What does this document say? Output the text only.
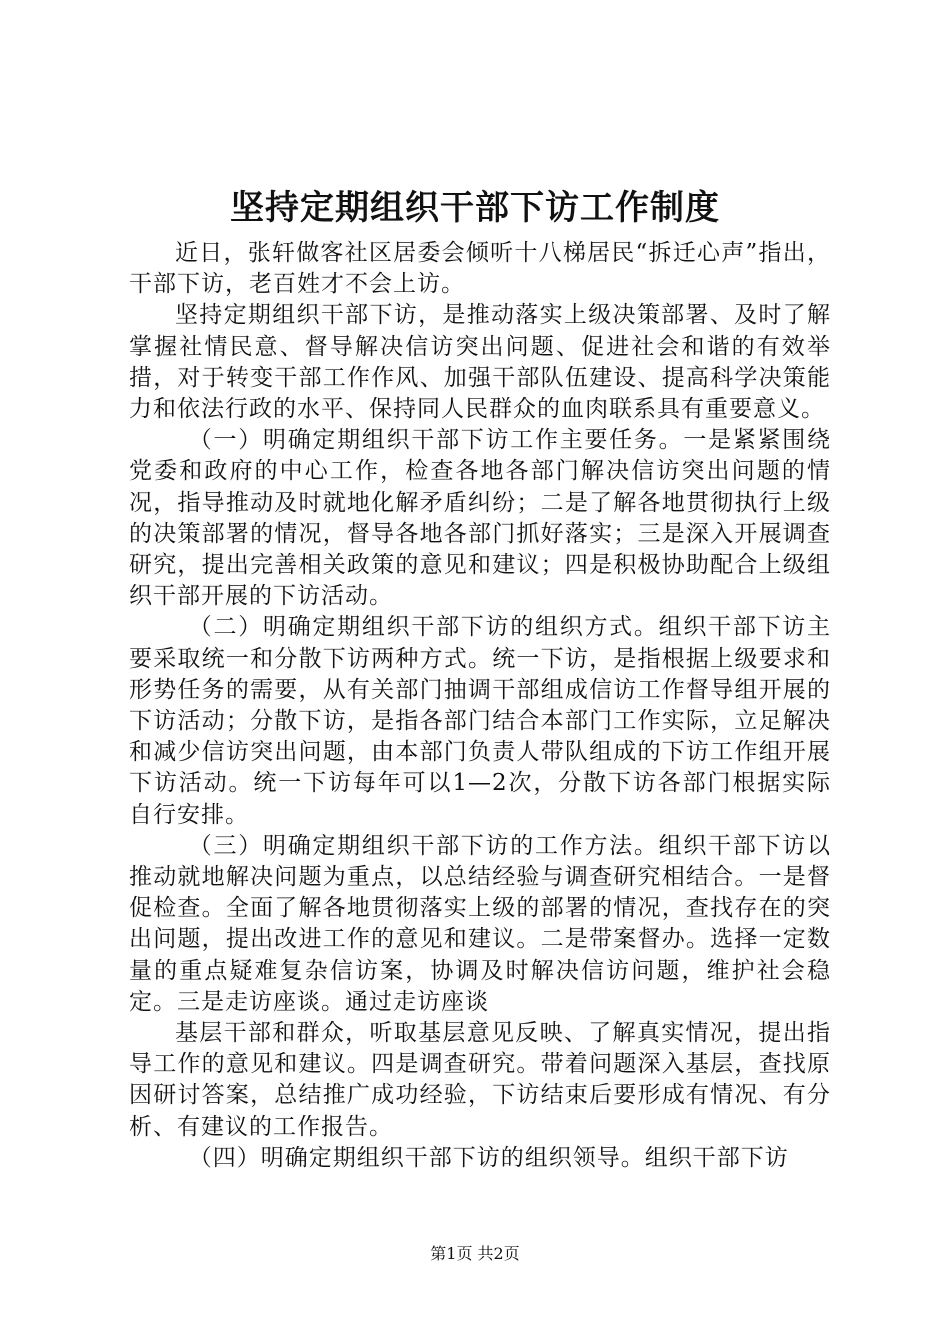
坚持定期组织干部下访工作制度

近日，张轩做客社区居委会倾听十八梯居民“拆迁心声”指出，干部下访，老百姓才不会上访。

坚持定期组织干部下访，是推动落实上级决策部署、及时了解掌握社情民意、督导解决信访突出问题、促进社会和谐的有效举措，对于转变干部工作作风、加强干部队伍建设、提高科学决策能力和依法行政的水平、保持同人民群众的血肉联系具有重要意义。

（一）明确定期组织干部下访工作主要任务。一是紧紧围绕党委和政府的中心工作，检查各地各部门解决信访突出问题的情况，指导推动及时就地化解矛盾纠纷；二是了解各地贯彻执行上级的决策部署的情况，督导各地各部门抓好落实；三是深入开展调查研究，提出完善相关政策的意见和建议；四是积极协助配合上级组织干部开展的下访活动。

（二）明确定期组织干部下访的组织方式。组织干部下访主要采取统一和分散下访两种方式。统一下访，是指根据上级要求和形势任务的需要，从有关部门抽调干部组成信访工作督导组开展的下访活动；分散下访，是指各部门结合本部门工作实际，立足解决和减少信访突出问题，由本部门负责人带队组成的下访工作组开展下访活动。统一下访每年可以1—2次，分散下访各部门根据实际自行安排。

（三）明确定期组织干部下访的工作方法。组织干部下访以推动就地解决问题为重点，以总结经验与调查研究相结合。一是督促检查。全面了解各地贯彻落实上级的部署的情况，查找存在的突出问题，提出改进工作的意见和建议。二是带案督办。选择一定数量的重点疑难复杂信访案，协调及时解决信访问题，维护社会稳定。三是走访座谈。通过走访座谈

基层干部和群众，听取基层意见反映、了解真实情况，提出指导工作的意见和建议。四是调查研究。带着问题深入基层，查找原因研讨答案，总结推广成功经验，下访结束后要形成有情况、有分析、有建议的工作报告。

（四）明确定期组织干部下访的组织领导。组织干部下访

第1页 共2页
